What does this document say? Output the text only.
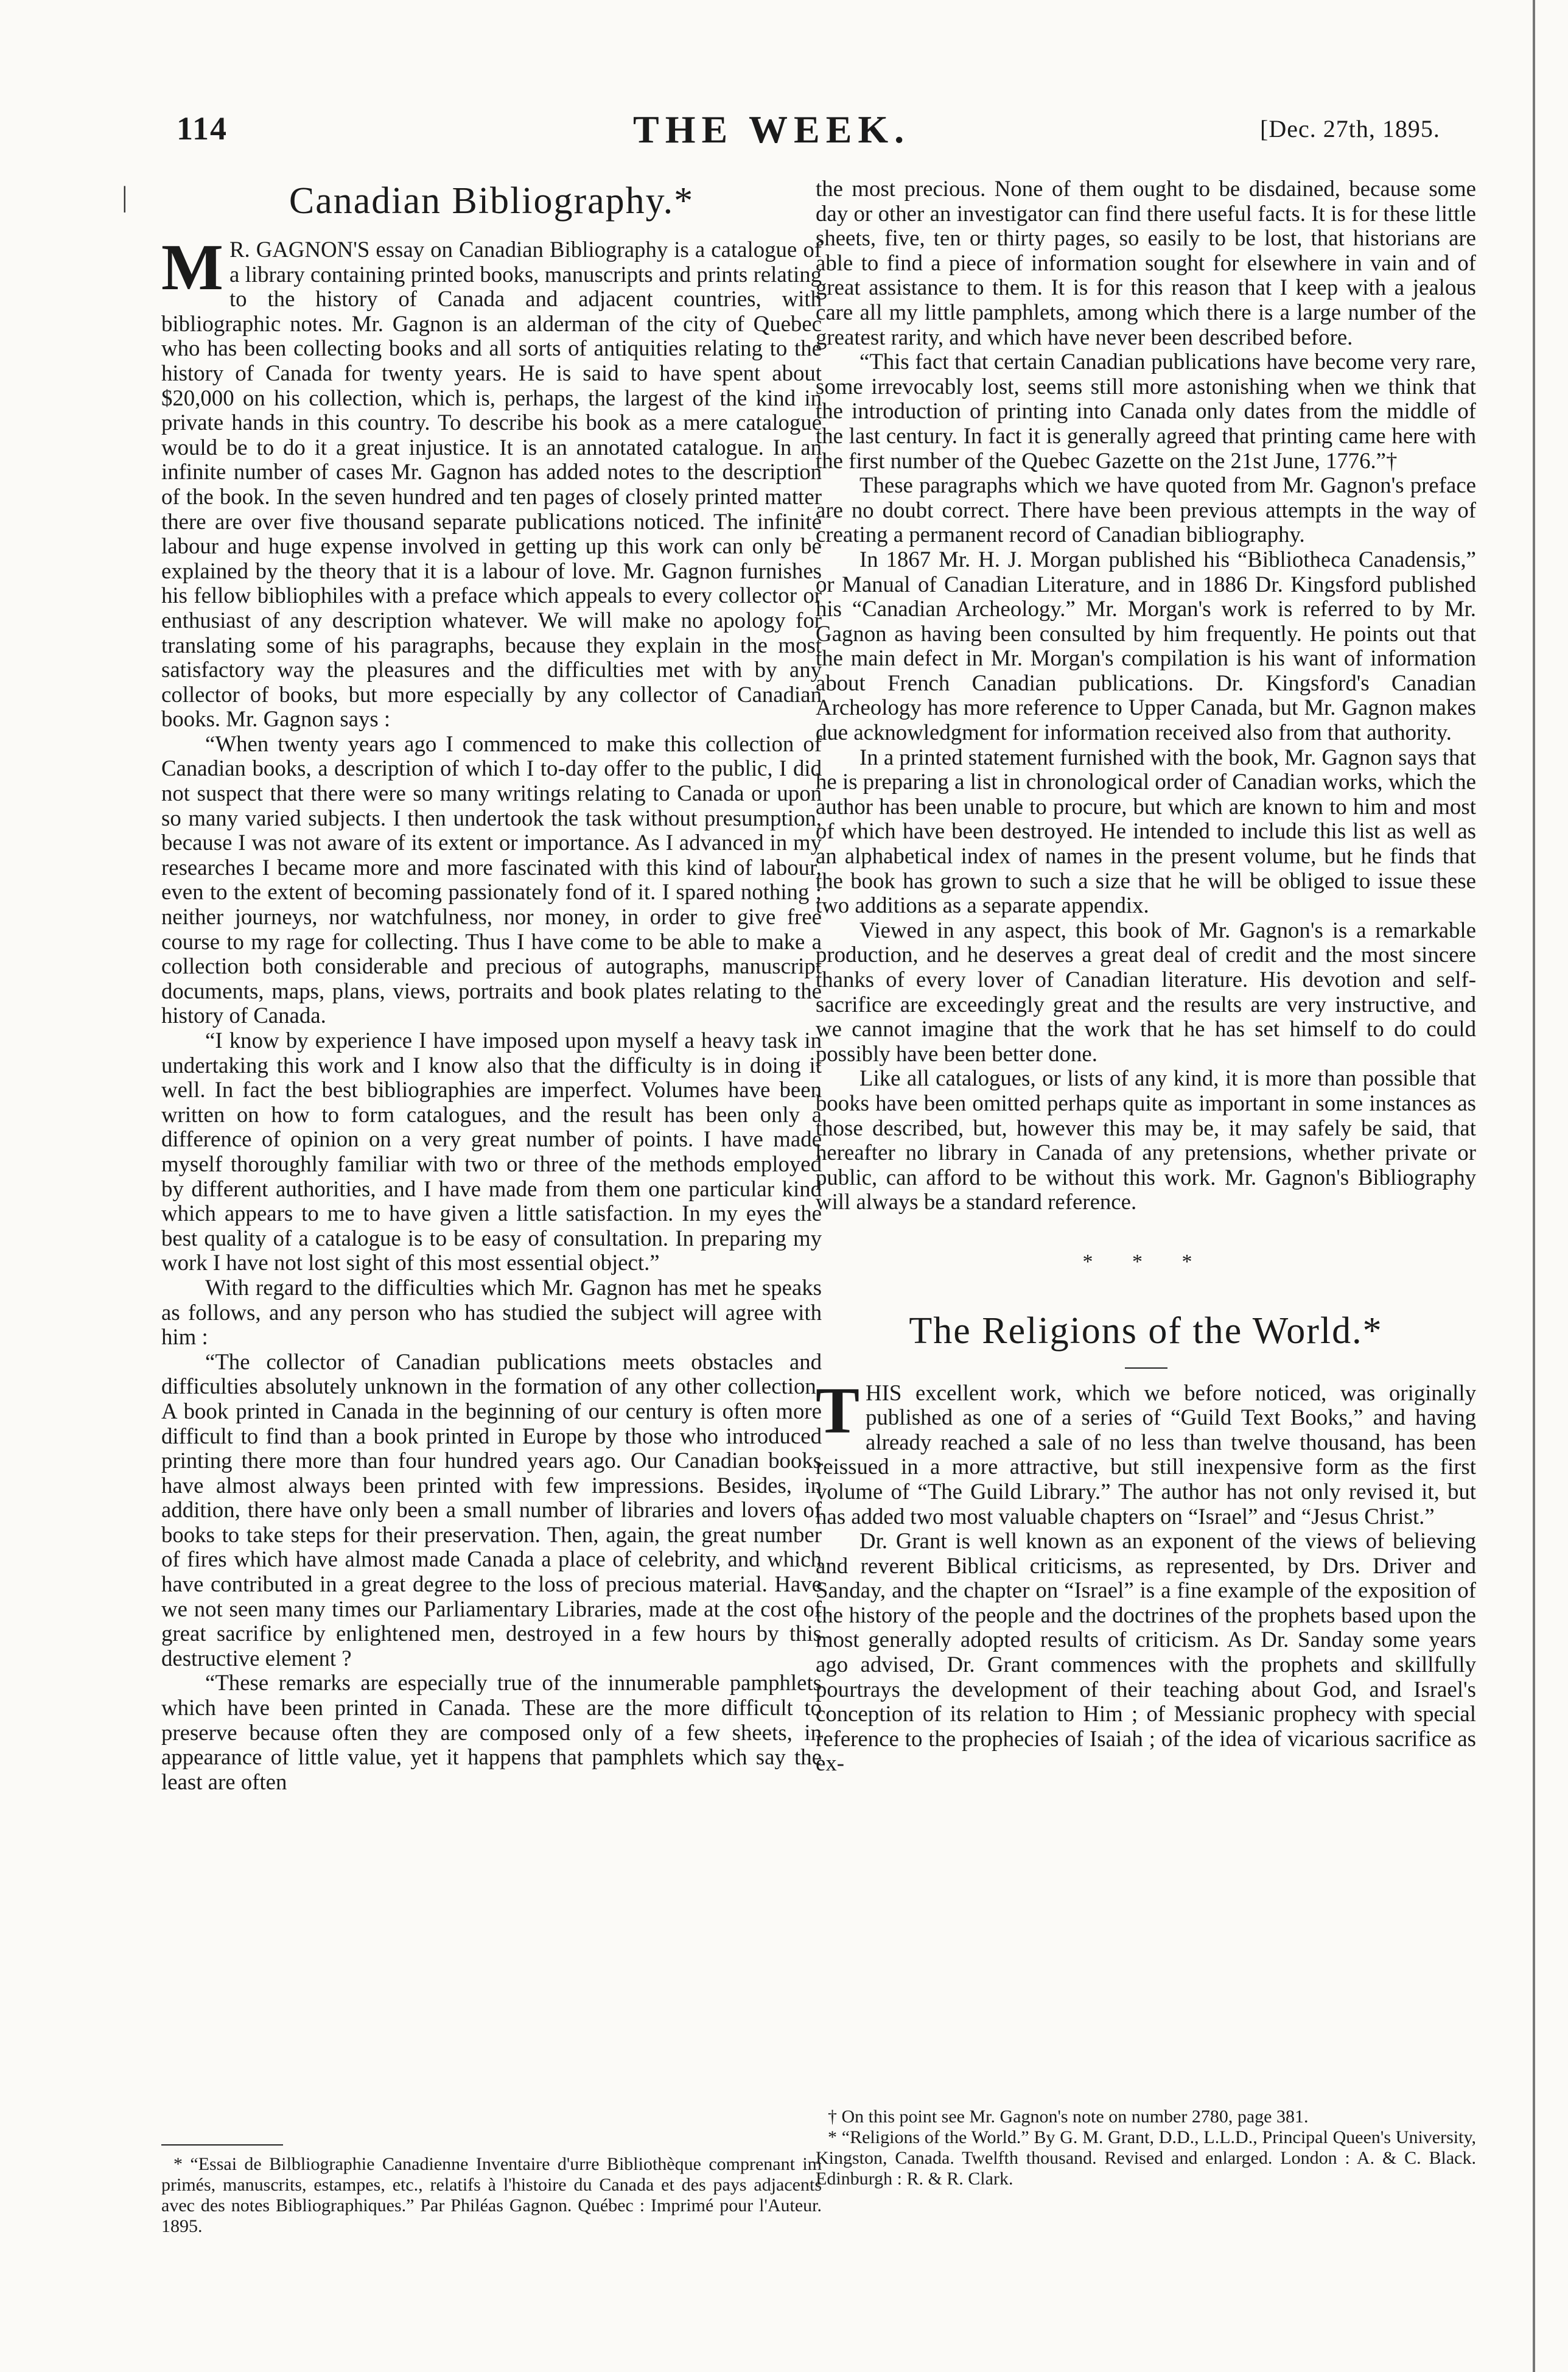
114	THE WEEK.	[Dec. 27th, 1895.
|	Canadian Bibliography.*

M R. GAGNON'S essay on Canadian Bibliography is a catalogue of a library containing printed books, manuscripts and prints relating to the history of Canada and adjacent countries, with bibliographic notes. Mr. Gagnon is an alderman of the city of Quebec who has been collecting books and all sorts of antiquities relating to the history of Canada for twenty years. He is said to have spent about $20,000 on his collection, which is, perhaps, the largest of the kind in private hands in this country. To describe his book as a mere catalogue would be to do it a great injustice. It is an annotated catalogue. In an infinite number of cases Mr. Gagnon has added notes to the description of the book. In the seven hundred and ten pages of closely printed matter there are over five thousand separate publications noticed. The infinite labour and huge expense involved in getting up this work can only be explained by the theory that it is a labour of love. Mr. Gagnon furnishes his fellow bibliophiles with a preface which appeals to every collector or enthusiast of any description whatever. We will make no apology for translating some of his paragraphs, because they explain in the most satisfactory way the pleasures and the difficulties met with by any collector of books, but more especially by any collector of Canadian books. Mr. Gagnon says :

“When twenty years ago I commenced to make this collection of Canadian books, a description of which I to-day offer to the public, I did not suspect that there were so many writings relating to Canada or upon so many varied subjects. I then undertook the task without presumption, because I was not aware of its extent or importance. As I advanced in my researches I became more and more fascinated with this kind of labour, even to the extent of becoming passionately fond of it. I spared nothing ; neither journeys, nor watchfulness, nor money, in order to give free course to my rage for collecting. Thus I have come to be able to make a collection both considerable and precious of autographs, manuscript documents, maps, plans, views, portraits and book plates relating to the history of Canada.

“I know by experience I have imposed upon myself a heavy task in undertaking this work and I know also that the difficulty is in doing it well. In fact the best bibliographies are imperfect. Volumes have been written on how to form catalogues, and the result has been only a difference of opinion on a very great number of points. I have made myself thoroughly familiar with two or three of the methods employed by different authorities, and I have made from them one particular kind which appears to me to have given a little satisfaction. In my eyes the best quality of a catalogue is to be easy of consultation. In preparing my work I have not lost sight of this most essential object.”

With regard to the difficulties which Mr. Gagnon has met he speaks as follows, and any person who has studied the subject will agree with him :

“The collector of Canadian publications meets obstacles and difficulties absolutely unknown in the formation of any other collection. A book printed in Canada in the beginning of our century is often more difficult to find than a book printed in Europe by those who introduced printing there more than four hundred years ago. Our Canadian books have almost always been printed with few impressions. Besides, in addition, there have only been a small number of libraries and lovers of books to take steps for their preservation. Then, again, the great number of fires which have almost made Canada a place of celebrity, and which have contributed in a great degree to the loss of precious material. Have we not seen many times our Parliamentary Libraries, made at the cost of great sacrifice by enlightened men, destroyed in a few hours by this destructive element ?

“These remarks are especially true of the innumerable pamphlets which have been printed in Canada. These are the more difficult to preserve because often they are composed only of a few sheets, in appearance of little value, yet it happens that pamphlets which say the least are often

the most precious. None of them ought to be disdained, because some day or other an investigator can find there useful facts. It is for these little sheets, five, ten or thirty pages, so easily to be lost, that historians are able to find a piece of information sought for elsewhere in vain and of great assistance to them. It is for this reason that I keep with a jealous care all my little pamphlets, among which there is a large number of the greatest rarity, and which have never been described before.

“This fact that certain Canadian publications have become very rare, some irrevocably lost, seems still more astonishing when we think that the introduction of printing into Canada only dates from the middle of the last century. In fact it is generally agreed that printing came here with the first number of the Quebec Gazette on the 21st June, 1776.”†

These paragraphs which we have quoted from Mr. Gagnon's preface are no doubt correct. There have been previous attempts in the way of creating a permanent record of Canadian bibliography.

In 1867 Mr. H. J. Morgan published his “Bibliotheca Canadensis,” or Manual of Canadian Literature, and in 1886 Dr. Kingsford published his “Canadian Archeology.” Mr. Morgan's work is referred to by Mr. Gagnon as having been consulted by him frequently. He points out that the main defect in Mr. Morgan's compilation is his want of information about French Canadian publications. Dr. Kingsford's Canadian Archeology has more reference to Upper Canada, but Mr. Gagnon makes due acknowledgment for information received also from that authority.

In a printed statement furnished with the book, Mr. Gagnon says that he is preparing a list in chronological order of Canadian works, which the author has been unable to procure, but which are known to him and most of which have been destroyed. He intended to include this list as well as an alphabetical index of names in the present volume, but he finds that the book has grown to such a size that he will be obliged to issue these two additions as a separate appendix.

Viewed in any aspect, this book of Mr. Gagnon's is a remarkable production, and he deserves a great deal of credit and the most sincere thanks of every lover of Canadian literature. His devotion and self-sacrifice are exceedingly great and the results are very instructive, and we cannot imagine that the work that he has set himself to do could possibly have been better done.

Like all catalogues, or lists of any kind, it is more than possible that books have been omitted perhaps quite as important in some instances as those described, but, however this may be, it may safely be said, that hereafter no library in Canada of any pretensions, whether private or public, can afford to be without this work. Mr. Gagnon's Bibliography will always be a standard reference.

* * *
The Religions of the World.*

THIS excellent work, which we before noticed, was originally published as one of a series of “Guild Text Books,” and having already reached a sale of no less than twelve thousand, has been reissued in a more attractive, but still inexpensive form as the first volume of “The Guild Library.” The author has not only revised it, but has added two most valuable chapters on “Israel” and “Jesus Christ.”

Dr. Grant is well known as an exponent of the views of believing and reverent Biblical criticisms, as represented, by Drs. Driver and Sanday, and the chapter on “Israel” is a fine example of the exposition of the history of the people and the doctrines of the prophets based upon the most generally adopted results of criticism. As Dr. Sanday some years ago advised, Dr. Grant commences with the prophets and skillfully pourtrays the development of their teaching about God, and Israel's conception of its relation to Him ; of Messianic prophecy with special reference to the prophecies of Isaiah ; of the idea of vicarious sacrifice as ex-

* “Essai de Bilbliographie Canadienne Inventaire d'urre Bibliothèque comprenant im primés, manuscrits, estampes, etc., relatifs à l'histoire du Canada et des pays adjacents avec des notes Bibliographiques.” Par Philéas Gagnon. Québec : Imprimé pour l'Auteur. 1895.

† On this point see Mr. Gagnon's note on number 2780, page 381.

* “Religions of the World.” By G. M. Grant, D.D., L.L.D., Principal Queen's University, Kingston, Canada. Twelfth thousand. Revised and enlarged. London : A. & C. Black. Edinburgh : R. & R. Clark.
